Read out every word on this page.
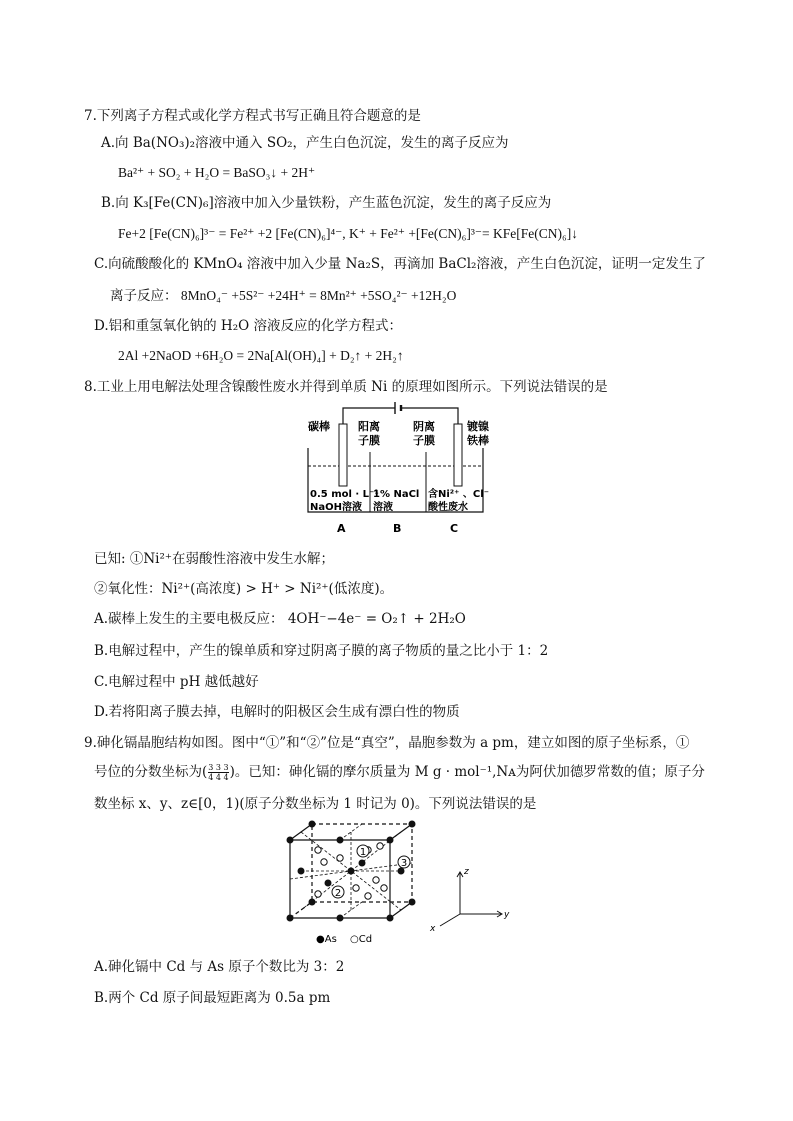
7.下列离子方程式或化学方程式书写正确且符合题意的是
A.向 Ba(NO₃)₂溶液中通入 SO₂，产生白色沉淀，发生的离子反应为
Ba²⁺ + SO₂ + H₂O = BaSO₃↓ + 2H⁺
B.向 K₃[Fe(CN)₆]溶液中加入少量铁粉，产生蓝色沉淀，发生的离子反应为
Fe+2 [Fe(CN)₆]³⁻ = Fe²⁺ +2 [Fe(CN)₆]⁴⁻, K⁺ + Fe²⁺ +[Fe(CN)₆]³⁻= KFe[Fe(CN)₆]↓
C.向硫酸酸化的 KMnO₄ 溶液中加入少量 Na₂S，再滴加 BaCl₂溶液，产生白色沉淀，证明一定发生了
离子反应： 8MnO₄⁻ +5S²⁻ +24H⁺ = 8Mn²⁺ +5SO₄²⁻ +12H₂O
D.铝和重氢氧化钠的 H₂O 溶液反应的化学方程式：
2Al +2NaOD +6H₂O = 2Na[Al(OH)₄] + D₂↑ + 2H₂↑
8.工业上用电解法处理含镍酸性废水并得到单质 Ni 的原理如图所示。下列说法错误的是
碳棒	阳离
子膜
阴离
子膜
镀镍
铁棒
0.5 mol · L⁻¹
NaOH溶液
1% NaCl
溶液
含Ni²⁺ 、Cl⁻
酸性废水
A	B	C
已知: ①Ni²⁺在弱酸性溶液中发生水解；
②氧化性：Ni²⁺(高浓度) > H⁺ > Ni²⁺(低浓度)。
A.碳棒上发生的主要电极反应： 4OH⁻−4e⁻ = O₂↑ + 2H₂O
B.电解过程中，产生的镍单质和穿过阴离子膜的离子物质的量之比小于 1：2
C.电解过程中 pH 越低越好
D.若将阳离子膜去掉，电解时的阳极区会生成有漂白性的物质
9.砷化镉晶胞结构如图。图中“①”和“②”位是“真空”，晶胞参数为 a pm，建立如图的原子坐标系，①
号位的分数坐标为( 3 3 3
4 4 4 )。已知：砷化镉的摩尔质量为 M g · mol⁻¹,Nᴀ为阿伏加德罗常数的值；原子分
数坐标 x、y、z∈[0，1)(原子分数坐标为 1 时记为 0)。下列说法错误的是
1
2
3
●As ○Cd
z
y
x
A.砷化镉中 Cd 与 As 原子个数比为 3：2
B.两个 Cd 原子间最短距离为 0.5a pm
